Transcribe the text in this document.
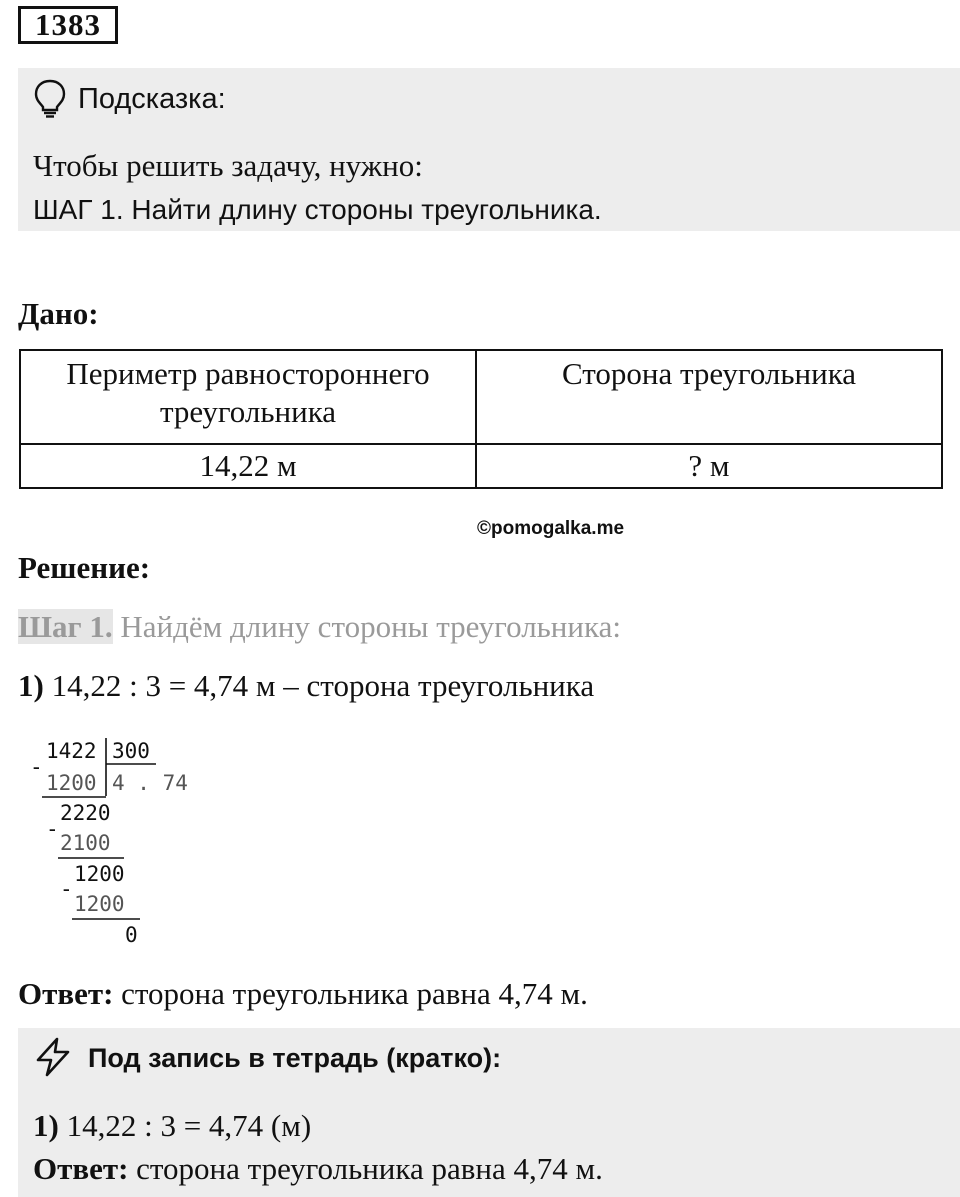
1383
Подсказка:
Чтобы решить задачу, нужно:
ШАГ 1. Найти длину стороны треугольника.
Дано:
Периметр равностороннего
треугольника	Сторона треугольника
14,22 м	? м
©pomogalka.me
Решение:
Шаг 1. Найдём длину стороны треугольника:
1) 14,22 : 3 = 4,74 м – сторона треугольника
-
1422 300
4 . 74
1200
2220
-
2100
1200
-
1200
0
Ответ: сторона треугольника равна 4,74 м.
Под запись в тетрадь (кратко):
1) 14,22 : 3 = 4,74 (м)
Ответ: сторона треугольника равна 4,74 м.
